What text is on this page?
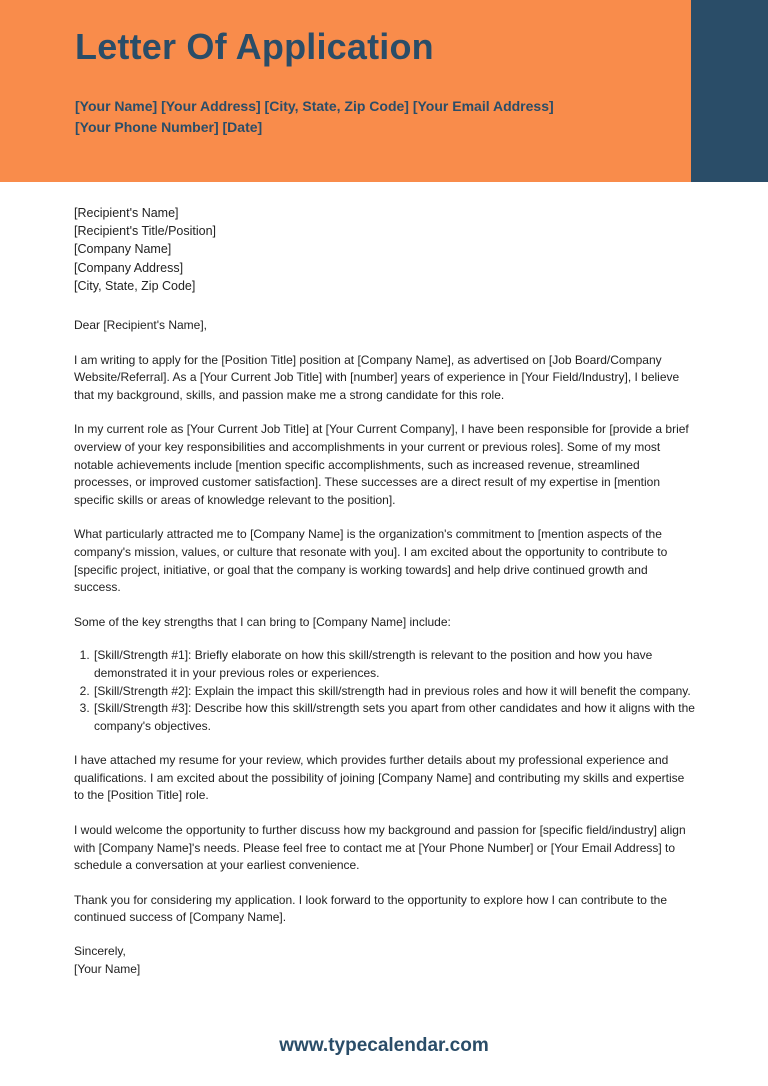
Letter Of Application
[Your Name] [Your Address] [City, State, Zip Code] [Your Email Address]
[Your Phone Number] [Date]
[Recipient's Name]
[Recipient's Title/Position]
[Company Name]
[Company Address]
[City, State, Zip Code]

Dear [Recipient's Name],

I am writing to apply for the [Position Title] position at [Company Name], as advertised on [Job Board/Company Website/Referral]. As a [Your Current Job Title] with [number] years of experience in [Your Field/Industry], I believe that my background, skills, and passion make me a strong candidate for this role.

In my current role as [Your Current Job Title] at [Your Current Company], I have been responsible for [provide a brief overview of your key responsibilities and accomplishments in your current or previous roles]. Some of my most notable achievements include [mention specific accomplishments, such as increased revenue, streamlined processes, or improved customer satisfaction]. These successes are a direct result of my expertise in [mention specific skills or areas of knowledge relevant to the position].

What particularly attracted me to [Company Name] is the organization's commitment to [mention aspects of the company's mission, values, or culture that resonate with you]. I am excited about the opportunity to contribute to [specific project, initiative, or goal that the company is working towards] and help drive continued growth and success.

Some of the key strengths that I can bring to [Company Name] include:

1. [Skill/Strength #1]: Briefly elaborate on how this skill/strength is relevant to the position and how you have demonstrated it in your previous roles or experiences.
2. [Skill/Strength #2]: Explain the impact this skill/strength had in previous roles and how it will benefit the company.
3. [Skill/Strength #3]: Describe how this skill/strength sets you apart from other candidates and how it aligns with the company's objectives.

I have attached my resume for your review, which provides further details about my professional experience and qualifications. I am excited about the possibility of joining [Company Name] and contributing my skills and expertise to the [Position Title] role.

I would welcome the opportunity to further discuss how my background and passion for [specific field/industry] align with [Company Name]'s needs. Please feel free to contact me at [Your Phone Number] or [Your Email Address] to schedule a conversation at your earliest convenience.

Thank you for considering my application. I look forward to the opportunity to explore how I can contribute to the continued success of [Company Name].

Sincerely,
[Your Name]
www.typecalendar.com
